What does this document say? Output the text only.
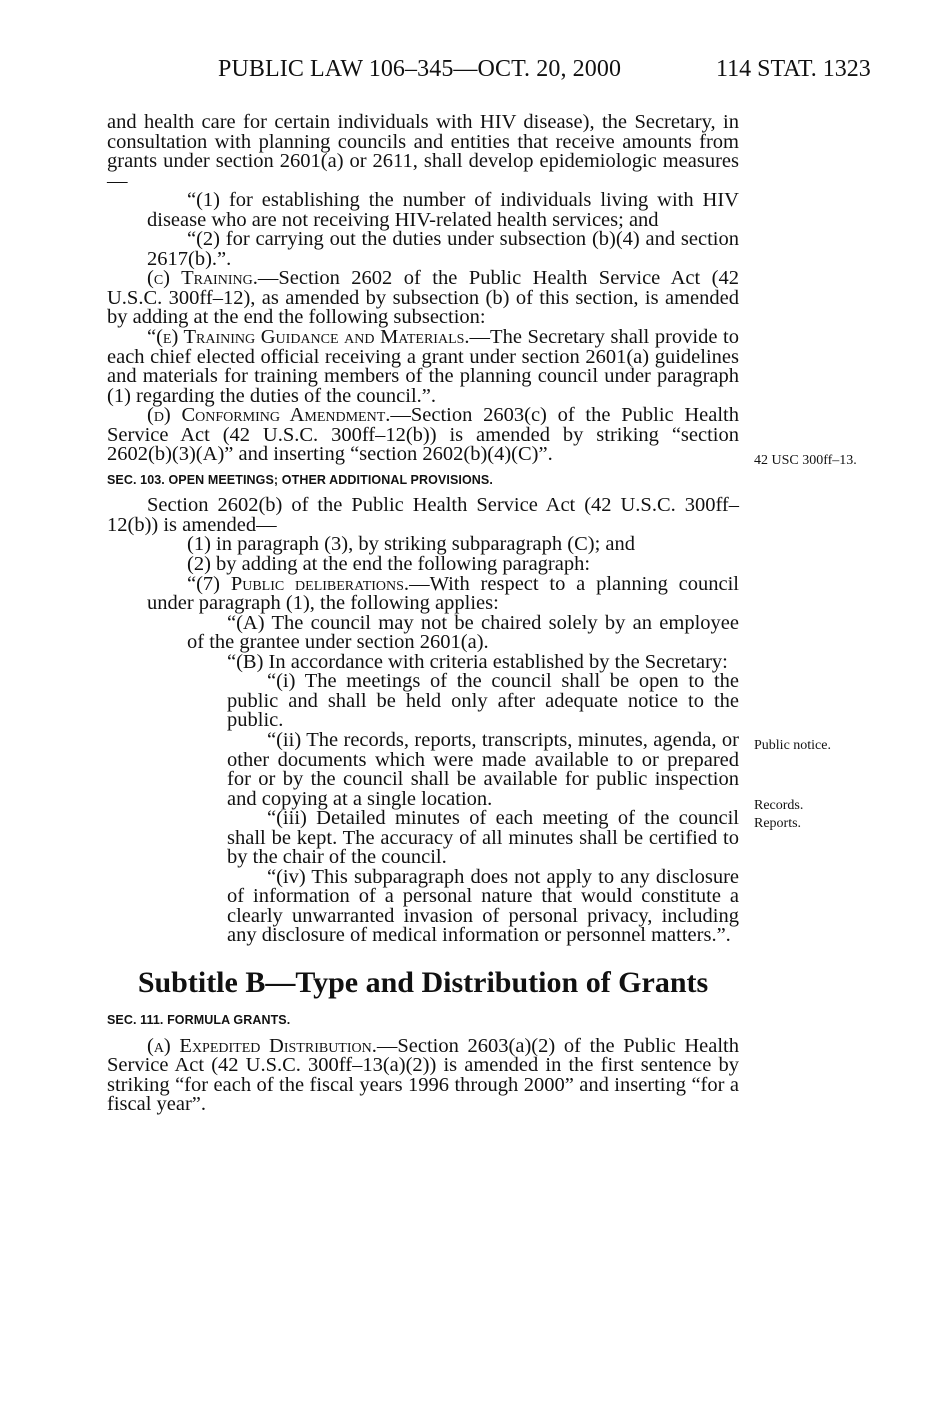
PUBLIC LAW 106–345—OCT. 20, 2000	114 STAT. 1323

and health care for certain individuals with HIV disease), the Secretary, in consultation with planning councils and entities that receive amounts from grants under section 2601(a) or 2611, shall develop epidemiologic measures—

“(1) for establishing the number of individuals living with HIV disease who are not receiving HIV-related health services; and

“(2) for carrying out the duties under subsection (b)(4) and section 2617(b).”.

(c) Training.—Section 2602 of the Public Health Service Act (42 U.S.C. 300ff–12), as amended by subsection (b) of this section, is amended by adding at the end the following subsection:

“(e) Training Guidance and Materials.—The Secretary shall provide to each chief elected official receiving a grant under section 2601(a) guidelines and materials for training members of the planning council under paragraph (1) regarding the duties of the council.”.

(d) Conforming Amendment.—Section 2603(c) of the Public Health Service Act (42 U.S.C. 300ff–12(b)) is amended by striking “section 2602(b)(3)(A)” and inserting “section 2602(b)(4)(C)”.

SEC. 103. OPEN MEETINGS; OTHER ADDITIONAL PROVISIONS.

Section 2602(b) of the Public Health Service Act (42 U.S.C. 300ff–12(b)) is amended—

(1) in paragraph (3), by striking subparagraph (C); and

(2) by adding at the end the following paragraph:

“(7) Public deliberations.—With respect to a planning council under paragraph (1), the following applies:

“(A) The council may not be chaired solely by an employee of the grantee under section 2601(a).

“(B) In accordance with criteria established by the Secretary:

“(i) The meetings of the council shall be open to the public and shall be held only after adequate notice to the public.

“(ii) The records, reports, transcripts, minutes, agenda, or other documents which were made available to or prepared for or by the council shall be available for public inspection and copying at a single location.

“(iii) Detailed minutes of each meeting of the council shall be kept. The accuracy of all minutes shall be certified to by the chair of the council.

“(iv) This subparagraph does not apply to any disclosure of information of a personal nature that would constitute a clearly unwarranted invasion of personal privacy, including any disclosure of medical information or personnel matters.”.

Subtitle B—Type and Distribution of Grants

SEC. 111. FORMULA GRANTS.

(a) Expedited Distribution.—Section 2603(a)(2) of the Public Health Service Act (42 U.S.C. 300ff–13(a)(2)) is amended in the first sentence by striking “for each of the fiscal years 1996 through 2000” and inserting “for a fiscal year”.

42 USC 300ff–13.
Public notice.
Records.
Reports.
